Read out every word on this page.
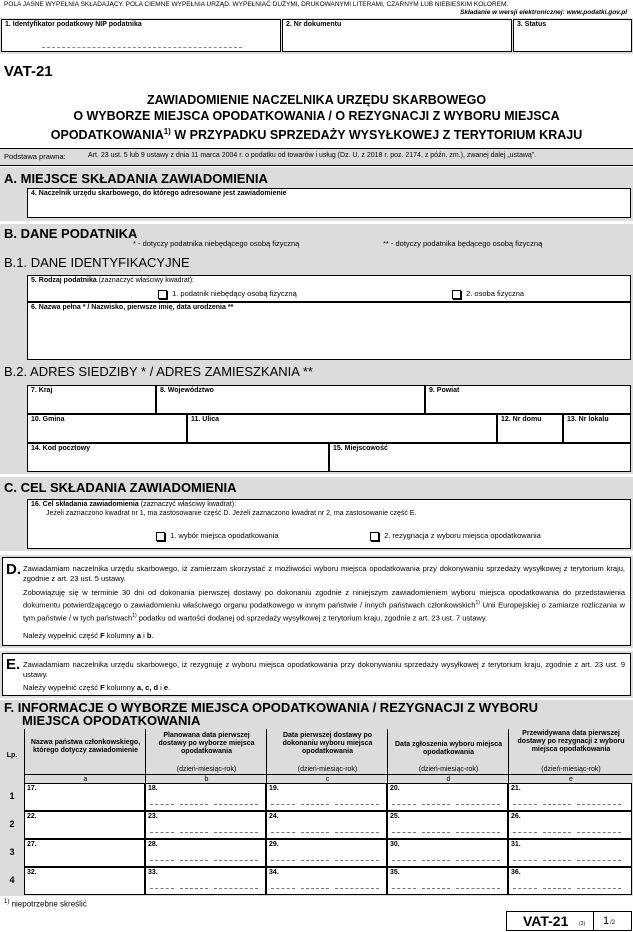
POLA JASNE WYPEŁNIA SKŁADAJĄCY. POLA CIEMNE WYPEŁNIA URZĄD. WYPEŁNIAĆ DUŻYMI, DRUKOWANYMI LITERAMI, CZARNYM LUB NIEBIESKIM KOLOREM.
Składanie w wersji elektronicznej: www.podatki.gov.pl
1. Identyfikator podatkowy NIP podatnika	2. Nr dokumentu	3. Status
VAT-21
ZAWIADOMIENIE NACZELNIKA URZĘDU SKARBOWEGO
O WYBORZE MIEJSCA OPODATKOWANIA / O REZYGNACJI Z WYBORU MIEJSCA
OPODATKOWANIA$^{1)}$ W PRZYPADKU SPRZEDAŻY WYSYŁKOWEJ Z TERYTORIUM KRAJU
Podstawa prawna:	Art. 23 ust. 5 lub 9 ustawy z dnia 11 marca 2004 r. o podatku od towarów i usług (Dz. U. z 2018 r. poz. 2174, z późn. zm.), zwanej dalej „ustawą”.
A. MIEJSCE SKŁADANIA ZAWIADOMIENIA
4. Naczelnik urzędu skarbowego, do którego adresowane jest zawiadomienie
B. DANE PODATNIKA
* - dotyczy podatnika niebędącego osobą fizyczną	** - dotyczy podatnika będącego osobą fizyczną
B.1. DANE IDENTYFIKACYJNE
5. Rodzaj podatnika (zaznaczyć właściwy kwadrat):
1. podatnik niebędący osobą fizyczną	2. osoba fizyczna
6. Nazwa pełna * / Nazwisko, pierwsze imię, data urodzenia **
B.2. ADRES SIEDZIBY * / ADRES ZAMIESZKANIA **
7. Kraj	8. Województwo	9. Powiat
10. Gmina	11. Ulica	12. Nr domu	13. Nr lokalu
14. Kod pocztowy	15. Miejscowość
C. CEL SKŁADANIA ZAWIADOMIENIA
16. Cel składania zawiadomienia (zaznaczyć właściwy kwadrat):
Jeżeli zaznaczono kwadrat nr 1, ma zastosowanie część D. Jeżeli zaznaczono kwadrat nr 2, ma zastosowanie część E.
1. wybór miejsca opodatkowania	2. rezygnacja z wyboru miejsca opodatkowania
D. Zawiadamiam naczelnika urzędu skarbowego, iż zamierzam skorzystać z możliwości wyboru miejsca opodatkowania przy dokonywaniu sprzedaży wysyłkowej z terytorium kraju, zgodnie z art. 23 ust. 5 ustawy.
Zobowiązuję się w terminie 30 dni od dokonania pierwszej dostawy po dokonaniu zgodnie z niniejszym zawiadomieniem wyboru miejsca opodatkowania do przedstawienia dokumentu potwierdzającego o zawiadomieniu właściwego organu podatkowego w innym państwie / innych państwach członkowskich$^{1)}$ Unii Europejskiej o zamiarze rozliczania w tym państwie / w tych państwach$^{1)}$ podatku od wartości dodanej od sprzedaży wysyłkowej z terytorium kraju, zgodnie z art. 23 ust. 7 ustawy.
Należy wypełnić część F kolumny a i b.
E. Zawiadamiam naczelnika urzędu skarbowego, iż rezygnuję z wyboru miejsca opodatkowania przy dokonywaniu sprzedaży wysyłkowej z terytorium kraju, zgodnie z art. 23 ust. 9 ustawy.
Należy wypełnić część F kolumny a, c, d i e.
F. INFORMACJE O WYBORZE MIEJSCA OPODATKOWANIA / REZYGNACJI Z WYBORU
MIEJSCA OPODATKOWANIA
Lp.
Nazwa państwa członkowskiego, którego dotyczy zawiadomienie
a
Planowana data pierwszej dostawy po wyborze miejsca opodatkowania
(dzień-miesiąc-rok)
b
Data pierwszej dostawy po dokonaniu wyboru miejsca opodatkowania
(dzień-miesiąc-rok)
c
Data zgłoszenia wyboru miejsca opodatkowania
(dzień-miesiąc-rok)
d
Przewidywana data pierwszej dostawy po rezygnacji z wyboru miejsca opodatkowania
(dzień-miesiąc-rok)
e
1
17.	18.	19.	20.	21.
2
22.	23.	24.	25.	26.
3
27.	28.	29.	30.	31.
4
32.	33.	34.	35.	36.
$^{1)}$ niepotrzebne skreślić
VAT-21 (3) 1 /2
